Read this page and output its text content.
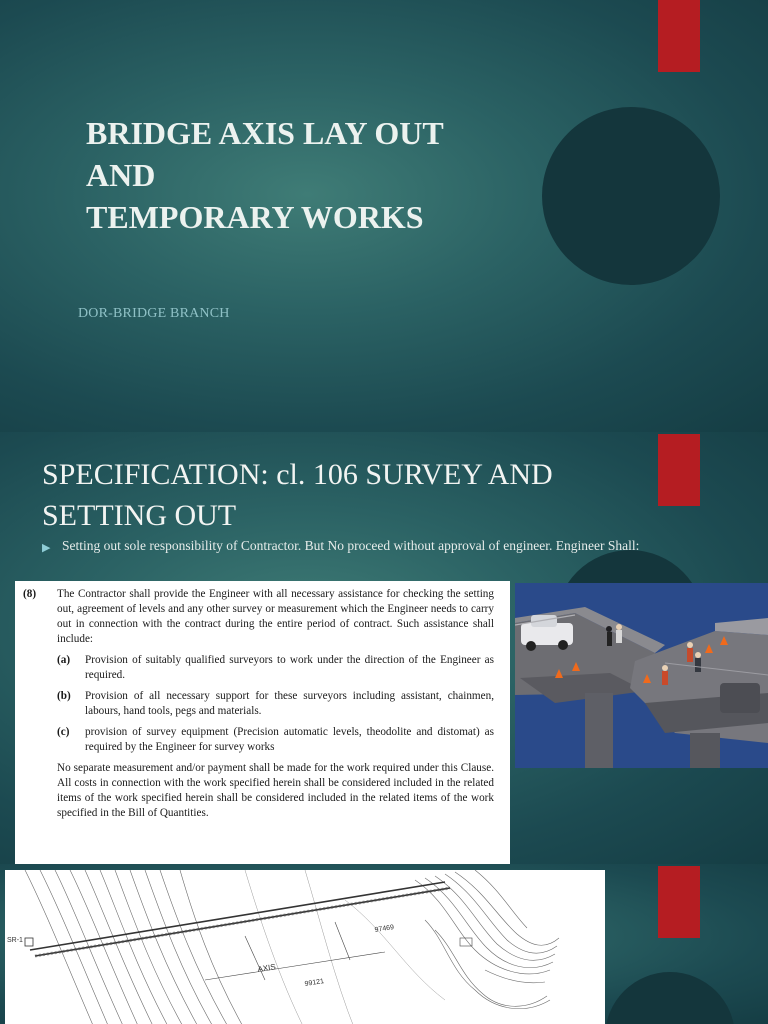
BRIDGE AXIS LAY OUT
AND
TEMPORARY WORKS

DOR-BRIDGE BRANCH

SPECIFICATION: cl. 106 SURVEY AND SETTING OUT
▶ Setting out sole responsibility of Contractor. But No proceed without approval of engineer. Engineer Shall:
(8)	The Contractor shall provide the Engineer with all necessary assistance for checking the setting out, agreement of levels and any other survey or measurement which the Engineer needs to carry out in connection with the contract during the entire period of contract. Such assistance shall include:
(a)	Provision of suitably qualified surveyors to work under the direction of the Engineer as required.
(b)	Provision of all necessary support for these surveyors including assistant, chainmen, labours, hand tools, pegs and materials.
(c)	provision of survey equipment (Precision automatic levels, theodolite and distomat) as required by the Engineer for survey works
No separate measurement and/or payment shall be made for the work required under this Clause. All costs in connection with the work specified herein shall be considered included in the related items of the work specified herein shall be considered included in the related items of the work specified in the Bill of Quantities.
AXIS
99121
97469
SR-1
